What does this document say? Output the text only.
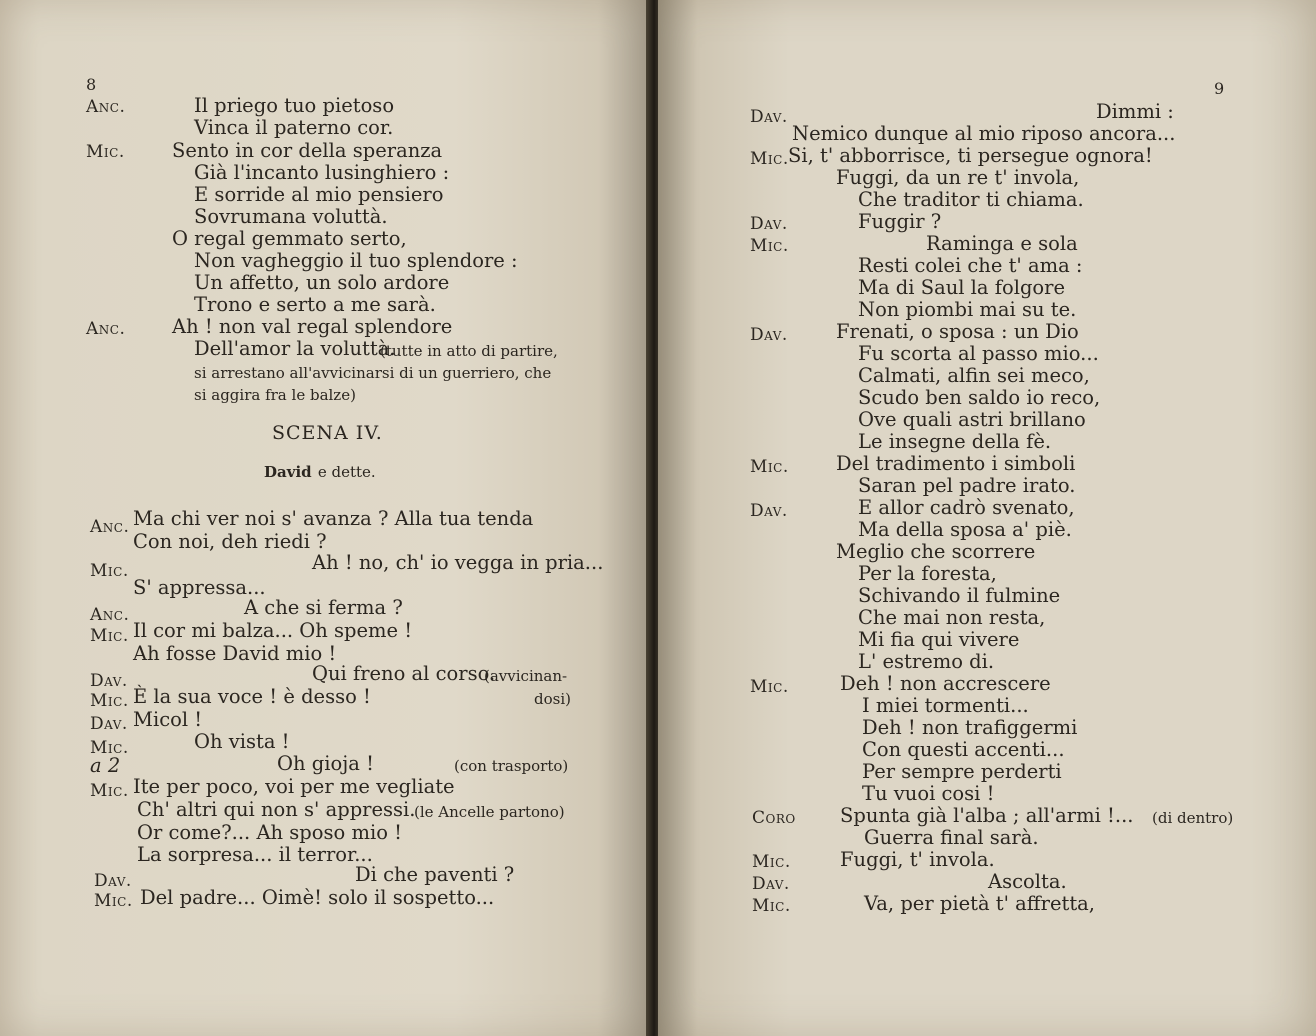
8
Anc.	Il priego tuo pietoso
Vinca il paterno cor.
Mic. Sento in cor della speranza
Già l'incanto lusinghiero :
E sorride al mio pensiero
Sovrumana voluttà.
O regal gemmato serto,
Non vagheggio il tuo splendore :
Un affetto, un solo ardore
Trono e serto a me sarà.
Anc. Ah ! non val regal splendore
Dell'amor la voluttà.
(tutte in atto di partire,
si arrestano all'avvicinarsi di un guerriero, che
si aggira fra le balze)
SCENA IV.
David e dette.
Anc. Ma chi ver noi s' avanza ? Alla tua tenda
Con noi, deh riedi ?
Mic.	Ah ! no, ch' io vegga in pria...
S' appressa...
Anc.	A che si ferma ?
Mic. Il cor mi balza... Oh speme !
Ah fosse David mio !
Dav.	Qui freno al corso.
(avvicinan-
Mic. È la sua voce ! è desso !	dosi)
Dav. Micol !
Mic.	Oh vista !
a 2	Oh gioja !	(con trasporto)
Mic. Ite per poco, voi per me vegliate
Ch' altri qui non s' appressi.
(le Ancelle partono)
Or come?... Ah sposo mio !
La sorpresa... il terror...
Dav.	Di che paventi ?
Mic. Del padre... Oimè! solo il sospetto...
9
Dav.	Dimmi :
Nemico dunque al mio riposo ancora...
Mic. Si, t' abborrisce, ti persegue ognora!
Fuggi, da un re t' invola,
Che traditor ti chiama.
Dav.	Fuggir ?
Mic.	Raminga e sola
Resti colei che t' ama :
Ma di Saul la folgore
Non piombi mai su te.
Dav. Frenati, o sposa : un Dio
Fu scorta al passo mio...
Calmati, alfin sei meco,
Scudo ben saldo io reco,
Ove quali astri brillano
Le insegne della fè.
Mic. Del tradimento i simboli
Saran pel padre irato.
Dav.	E allor cadrò svenato,
Ma della sposa a' piè.
Meglio che scorrere
Per la foresta,
Schivando il fulmine
Che mai non resta,
Mi fia qui vivere
L' estremo di.
Mic.	Deh ! non accrescere
I miei tormenti...
Deh ! non trafiggermi
Con questi accenti...
Per sempre perderti
Tu vuoi cosi !
Coro Spunta già l'alba ; all'armi !... (di dentro)
Guerra final sarà.
Mic.	Fuggi, t' invola.
Dav.	Ascolta.
Mic.	Va, per pietà t' affretta,
